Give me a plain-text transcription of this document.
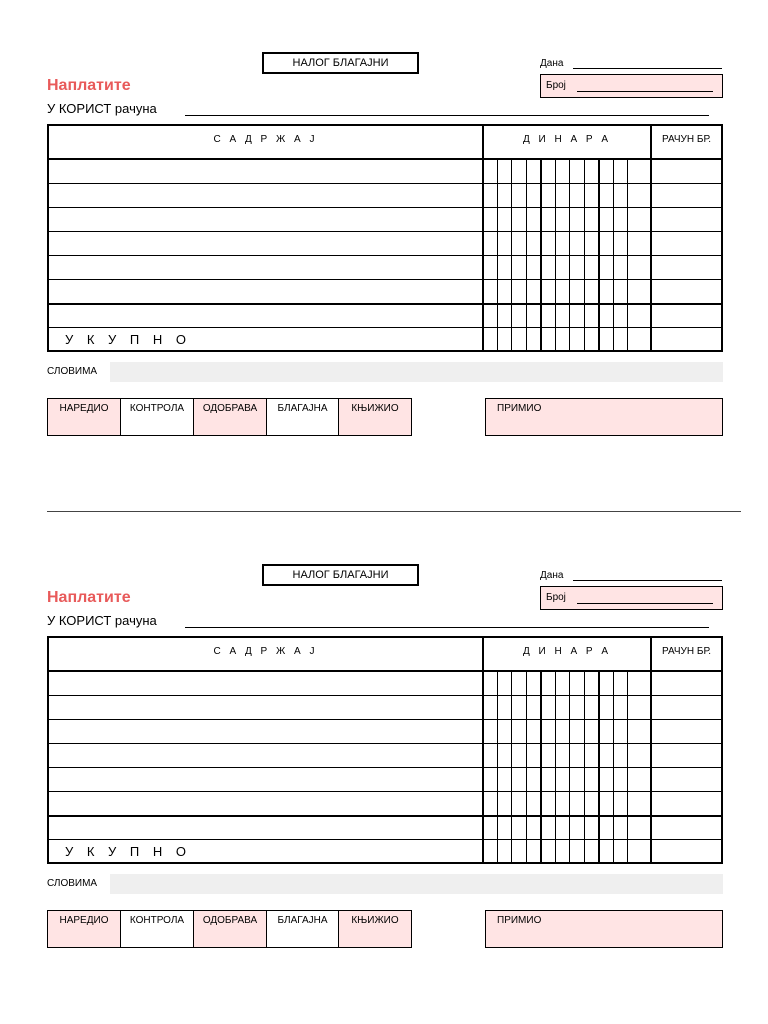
НАЛОГ БЛАГАЈНИ	Дана
Број
Наплатите
У КОРИСТ рачуна
С А Д Р Ж А Ј	Д И Н А Р А	РАЧУН БР.
У К У П Н О
СЛОВИМА
НАРЕДИО	КОНТРОЛА	ОДОБРАВА	БЛАГАЈНА	КЊИЖИО	ПРИМИО
НАЛОГ БЛАГАЈНИ	Дана
Број
Наплатите
У КОРИСТ рачуна
С А Д Р Ж А Ј	Д И Н А Р А	РАЧУН БР.
У К У П Н О
СЛОВИМА
НАРЕДИО	КОНТРОЛА	ОДОБРАВА	БЛАГАЈНА	КЊИЖИО	ПРИМИО
